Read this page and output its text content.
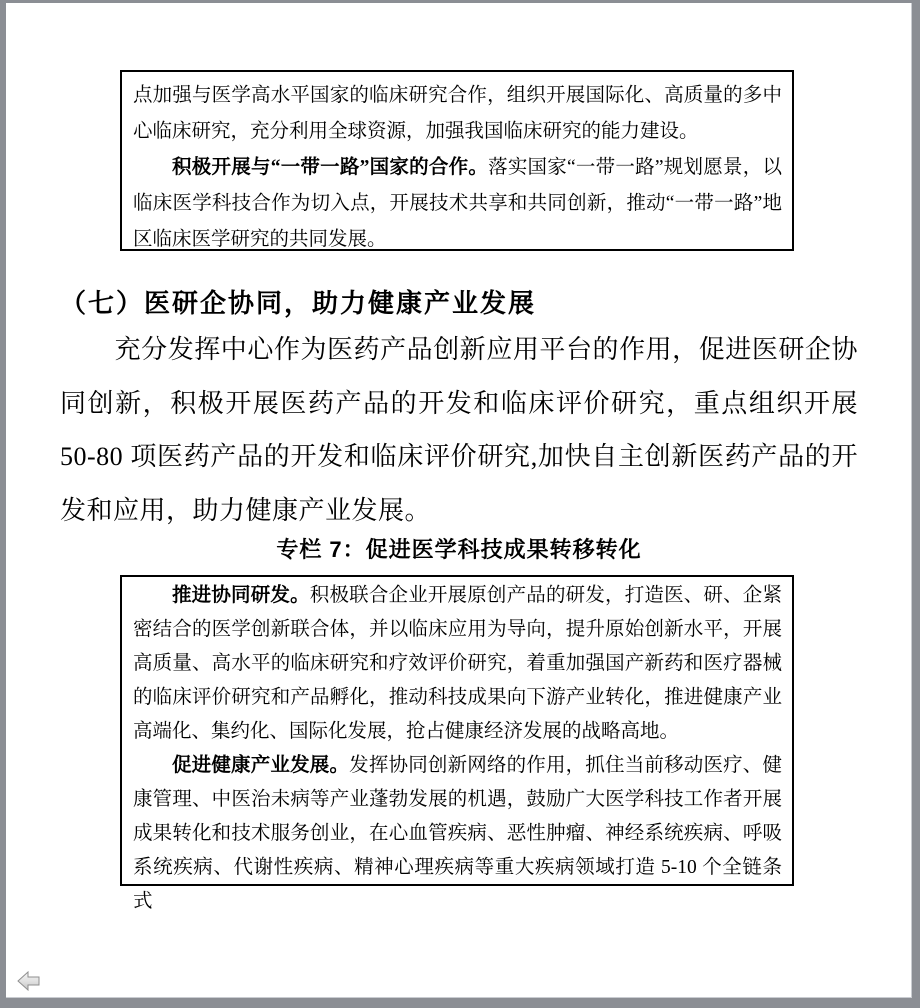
点加强与医学高水平国家的临床研究合作，组织开展国际化、高质量的多中心临床研究，充分利用全球资源，加强我国临床研究的能力建设。

积极开展与“一带一路”国家的合作。落实国家“一带一路”规划愿景，以临床医学科技合作为切入点，开展技术共享和共同创新，推动“一带一路”地区临床医学研究的共同发展。

（七）医研企协同，助力健康产业发展

充分发挥中心作为医药产品创新应用平台的作用，促进医研企协同创新，积极开展医药产品的开发和临床评价研究，重点组织开展 50-80 项医药产品的开发和临床评价研究,加快自主创新医药产品的开发和应用，助力健康产业发展。

专栏 7：促进医学科技成果转移转化

推进协同研发。积极联合企业开展原创产品的研发，打造医、研、企紧密结合的医学创新联合体，并以临床应用为导向，提升原始创新水平，开展高质量、高水平的临床研究和疗效评价研究，着重加强国产新药和医疗器械的临床评价研究和产品孵化，推动科技成果向下游产业转化，推进健康产业高端化、集约化、国际化发展，抢占健康经济发展的战略高地。

促进健康产业发展。发挥协同创新网络的作用，抓住当前移动医疗、健康管理、中医治未病等产业蓬勃发展的机遇，鼓励广大医学科技工作者开展成果转化和技术服务创业，在心血管疾病、恶性肿瘤、神经系统疾病、呼吸系统疾病、代谢性疾病、精神心理疾病等重大疾病领域打造 5-10 个全链条式
